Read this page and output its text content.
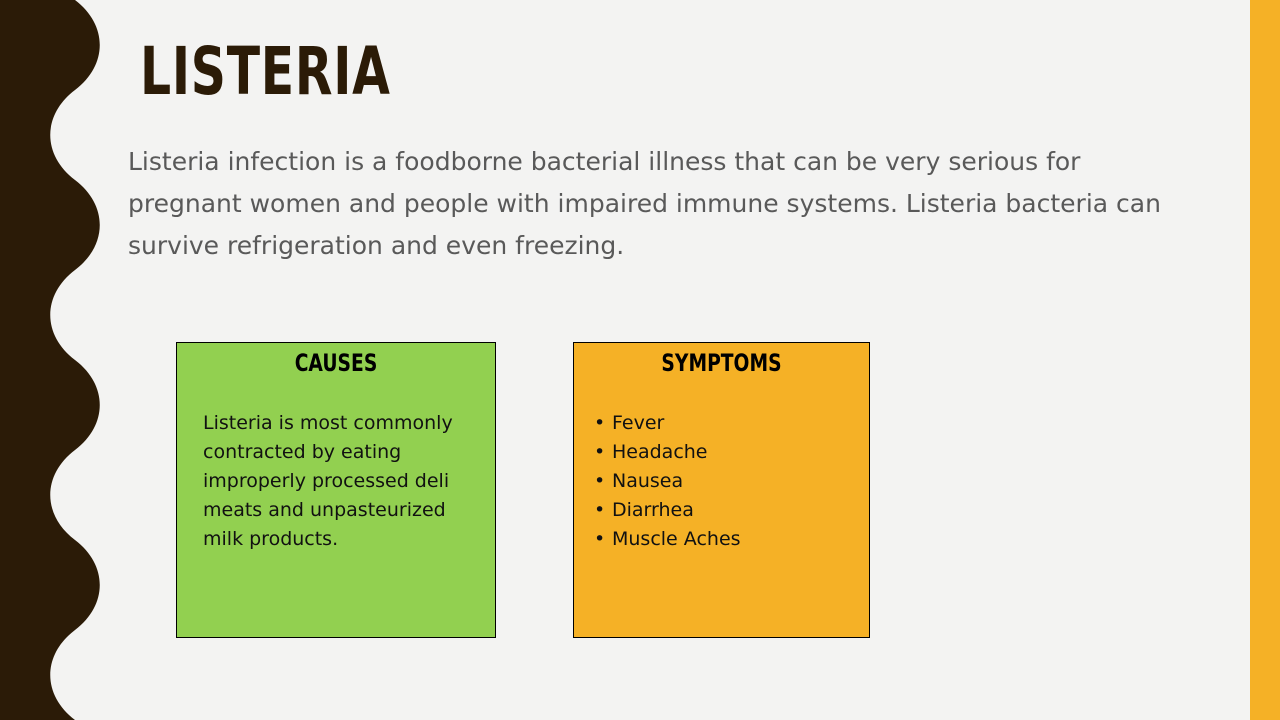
LISTERIA

Listeria infection is a foodborne bacterial illness that can be very serious for pregnant women and people with impaired immune systems. Listeria bacteria can survive refrigeration and even freezing.

CAUSES

Listeria is most commonly contracted by eating improperly processed deli meats and unpasteurized milk products.

SYMPTOMS
• Fever
• Headache
• Nausea
• Diarrhea
• Muscle Aches
